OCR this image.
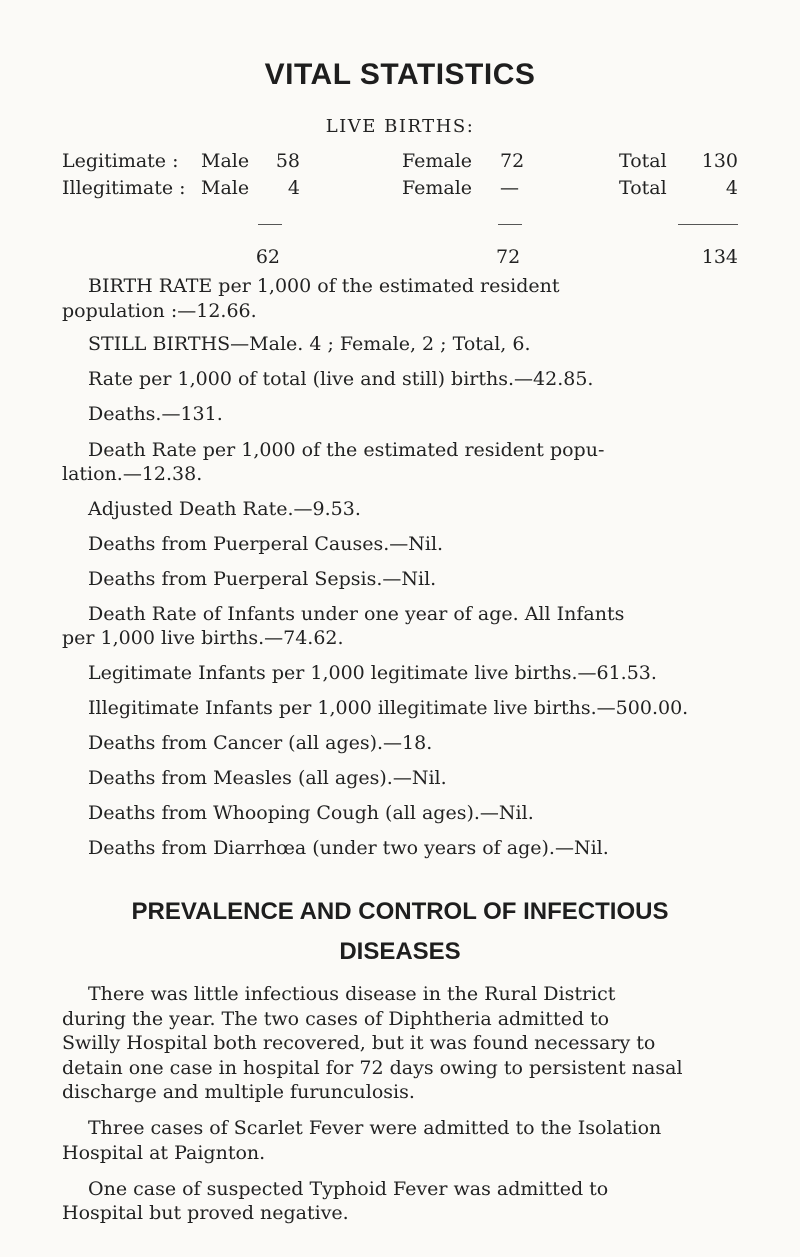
VITAL STATISTICS
LIVE BIRTHS:
Legitimate : Male	58	Female 72	Total	130
Illegitimate : Male	4	Female —	Total	4
62	72	134
BIRTH RATE per 1,000 of the estimated resident
population :—12.66.
STILL BIRTHS—Male. 4 ; Female, 2 ; Total, 6.
Rate per 1,000 of total (live and still) births.—42.85.
Deaths.—131.
Death Rate per 1,000 of the estimated resident popu-
lation.—12.38.
Adjusted Death Rate.—9.53.
Deaths from Puerperal Causes.—Nil.
Deaths from Puerperal Sepsis.—Nil.
Death Rate of Infants under one year of age. All Infants
per 1,000 live births.—74.62.
Legitimate Infants per 1,000 legitimate live births.—61.53.
Illegitimate Infants per 1,000 illegitimate live births.—500.00.
Deaths from Cancer (all ages).—18.
Deaths from Measles (all ages).—Nil.
Deaths from Whooping Cough (all ages).—Nil.
Deaths from Diarrhœa (under two years of age).—Nil.
PREVALENCE AND CONTROL OF INFECTIOUS
DISEASES
There was little infectious disease in the Rural District
during the year. The two cases of Diphtheria admitted to
Swilly Hospital both recovered, but it was found necessary to
detain one case in hospital for 72 days owing to persistent nasal
discharge and multiple furunculosis.
Three cases of Scarlet Fever were admitted to the Isolation
Hospital at Paignton.
One case of suspected Typhoid Fever was admitted to
Hospital but proved negative.
